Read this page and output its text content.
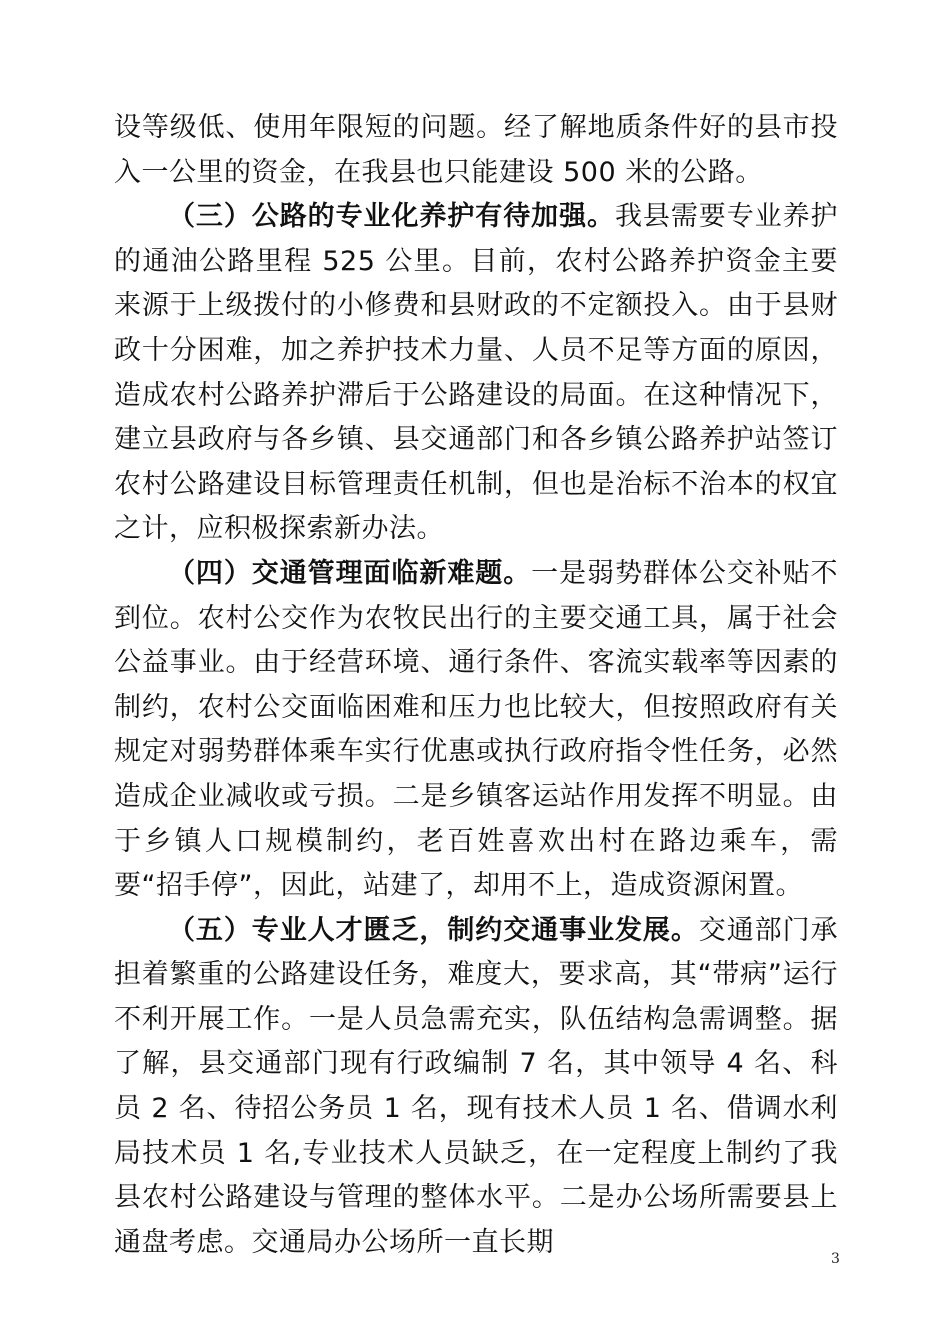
设等级低、使用年限短的问题。经了解地质条件好的县市投入一公里的资金，在我县也只能建设 500 米的公路。

（三）公路的专业化养护有待加强。我县需要专业养护的通油公路里程 525 公里。目前，农村公路养护资金主要来源于上级拨付的小修费和县财政的不定额投入。由于县财政十分困难，加之养护技术力量、人员不足等方面的原因，造成农村公路养护滞后于公路建设的局面。在这种情况下，建立县政府与各乡镇、县交通部门和各乡镇公路养护站签订农村公路建设目标管理责任机制，但也是治标不治本的权宜之计，应积极探索新办法。

（四）交通管理面临新难题。一是弱势群体公交补贴不到位。农村公交作为农牧民出行的主要交通工具，属于社会公益事业。由于经营环境、通行条件、客流实载率等因素的制约，农村公交面临困难和压力也比较大，但按照政府有关规定对弱势群体乘车实行优惠或执行政府指令性任务，必然造成企业减收或亏损。二是乡镇客运站作用发挥不明显。由于乡镇人口规模制约，老百姓喜欢出村在路边乘车，需要“招手停”，因此，站建了，却用不上，造成资源闲置。

（五）专业人才匮乏，制约交通事业发展。交通部门承担着繁重的公路建设任务，难度大，要求高，其“带病”运行不利开展工作。一是人员急需充实，队伍结构急需调整。据了解，县交通部门现有行政编制 7 名，其中领导 4 名、科员 2 名、待招公务员 1 名，现有技术人员 1 名、借调水利局技术员 1 名,专业技术人员缺乏，在一定程度上制约了我县农村公路建设与管理的整体水平。二是办公场所需要县上通盘考虑。交通局办公场所一直长期

3
